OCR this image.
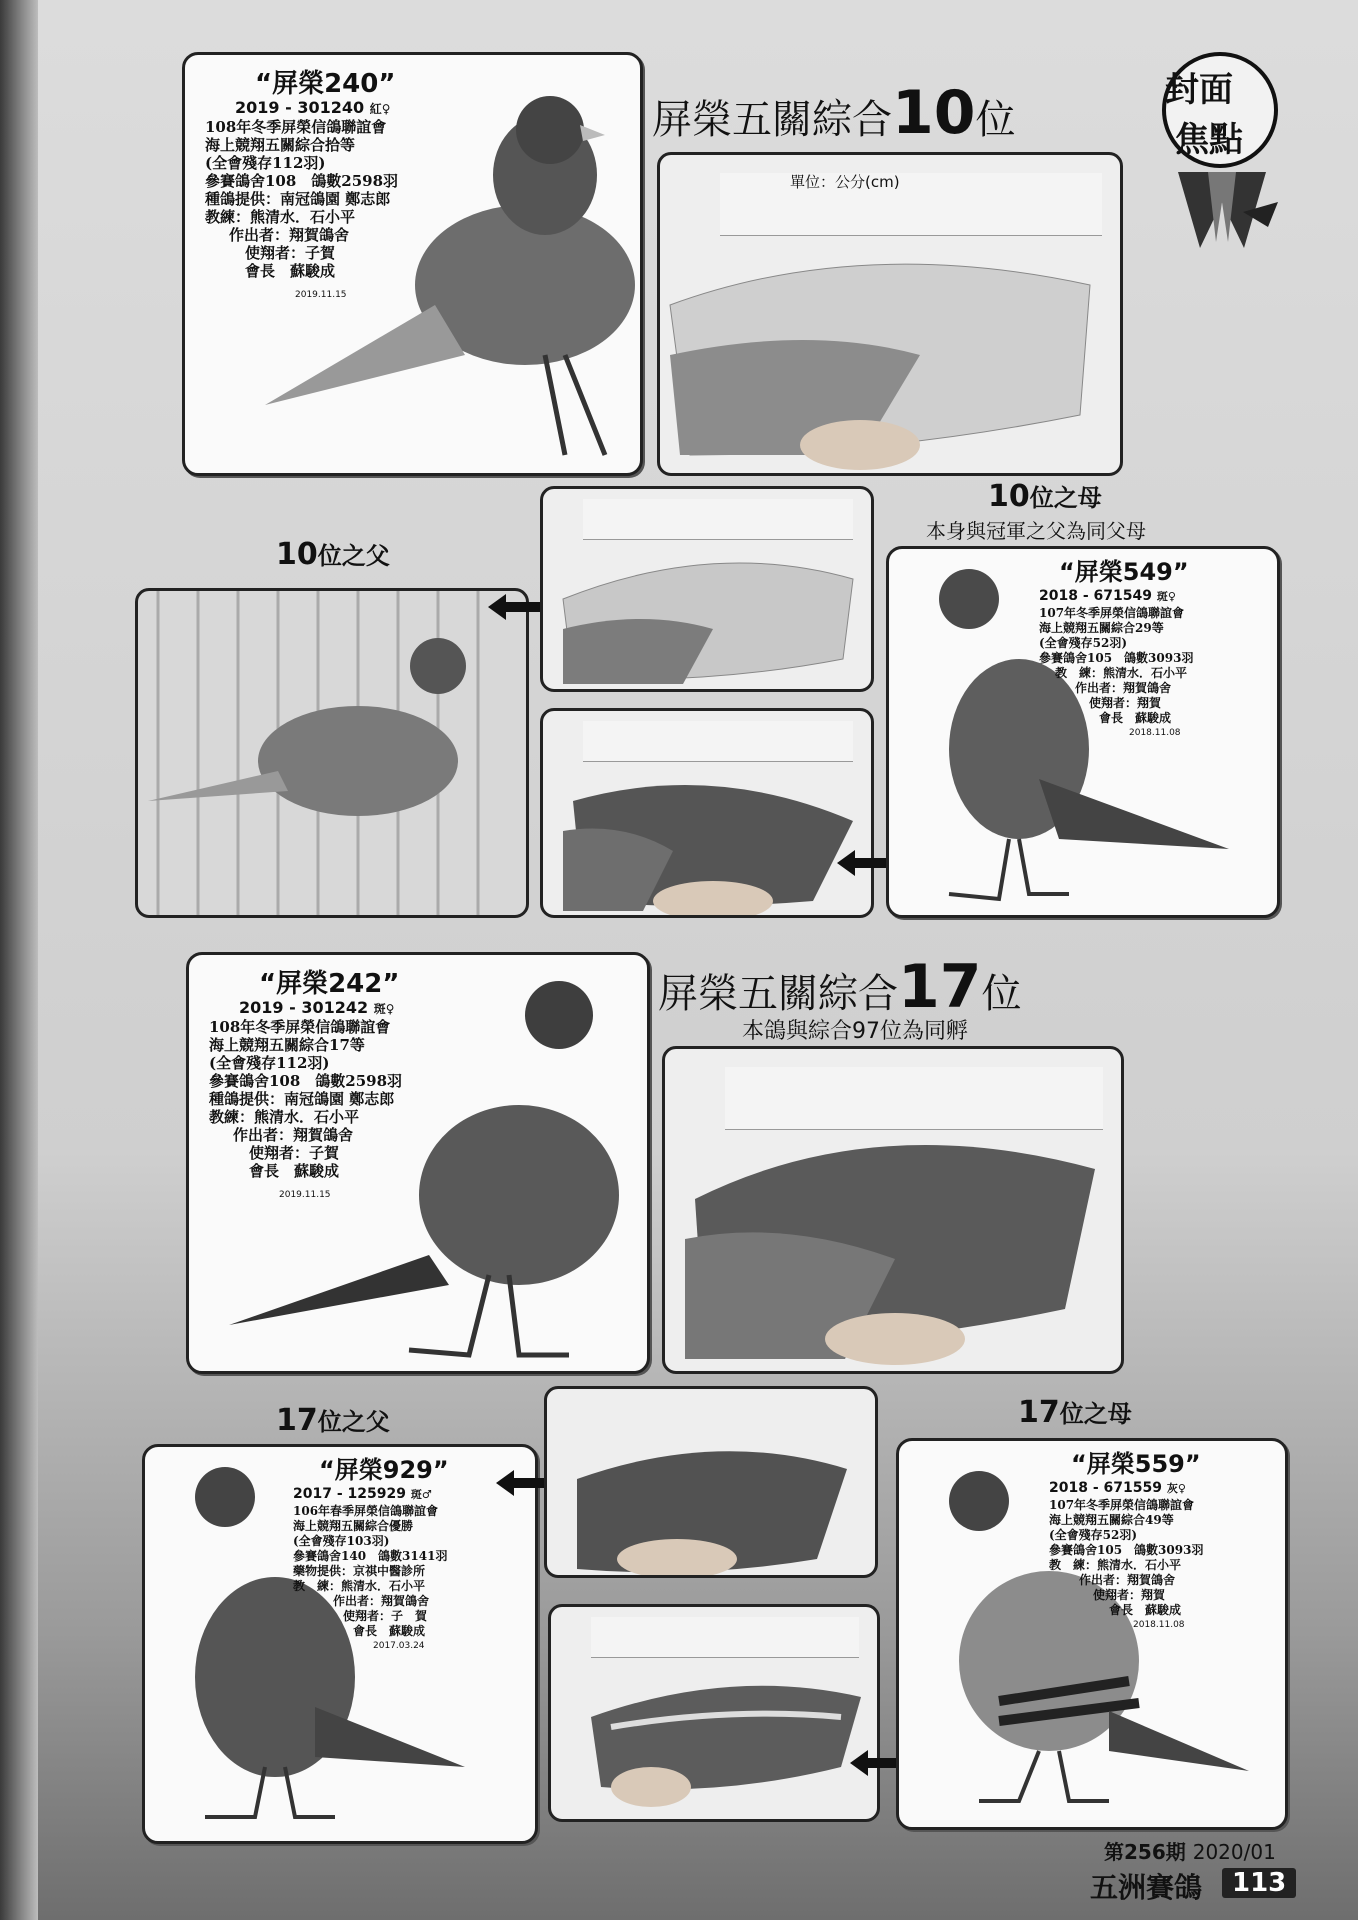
封面
焦點
“屏榮240”
2019 - 301240 紅♀
108年冬季屏榮信鴿聯誼會
海上競翔五關綜合拾等
(全會殘存112羽)
參賽鴿舍108　鴿數2598羽
種鴿提供：南冠鴿園 鄭志郎
教練：熊清水．石小平
作出者：翔賀鴿舍
使翔者：子賀
會長　蘇駿成
2019.11.15
屏榮五關綜合10位
單位：公分(cm)
10位之父
10位之母
本身與冠軍之父為同父母
“屏榮549”
2018 - 671549 斑♀
107年冬季屏榮信鴿聯誼會
海上競翔五關綜合29等
(全會殘存52羽)
參賽鴿舍105　鴿數3093羽
教　練：熊清水．石小平
作出者：翔賀鴿舍
使翔者：翔賀
會長　蘇駿成
2018.11.08
“屏榮242”
2019 - 301242 斑♀
108年冬季屏榮信鴿聯誼會
海上競翔五關綜合17等
(全會殘存112羽)
參賽鴿舍108　鴿數2598羽
種鴿提供：南冠鴿園 鄭志郎
教練：熊清水．石小平
作出者：翔賀鴿舍
使翔者：子賀
會長　蘇駿成
2019.11.15
屏榮五關綜合17位
本鴿與綜合97位為同孵
17位之父
“屏榮929”
2017 - 125929 斑♂
106年春季屏榮信鴿聯誼會
海上競翔五關綜合優勝
(全會殘存103羽)
參賽鴿舍140　鴿數3141羽
藥物提供：京祺中醫診所
教　練：熊清水．石小平
作出者：翔賀鴿舍
使翔者：子　賀
會長　蘇駿成
2017.03.24
17位之母
“屏榮559”
2018 - 671559 灰♀
107年冬季屏榮信鴿聯誼會
海上競翔五關綜合49等
(全會殘存52羽)
參賽鴿舍105　鴿數3093羽
教　練：熊清水．石小平
作出者：翔賀鴿舍
使翔者：翔賀
會長　蘇駿成
2018.11.08
第256期 2020/01
五洲賽鴿	113
